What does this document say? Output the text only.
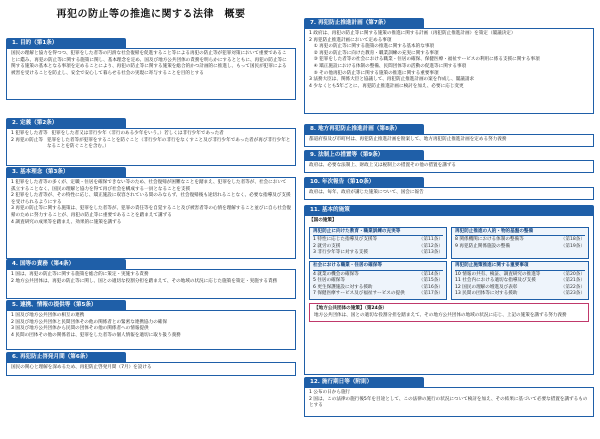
再犯の防止等の推進に関する法律　概要
1. 目的（第1条）
国民の理解と協力を得つつ、犯罪をした者等の円滑な社会復帰を促進すること等による再犯の防止等が犯罪対策において重要であることに鑑み、再犯の防止等に関する施策に関し、基本理念を定め、国及び地方公共団体の責務を明らかにするとともに、再犯の防止等に関する施策の基本となる事項を定めることにより、再犯の防止等に関する施策を総合的かつ計画的に推進し、もって国民が犯罪による被害を受けることを防止し、安全で安心して暮らせる社会の実現に寄与することを目的とする
2. 定義（第2条）
1 犯罪をした者等 犯罪をした者又は非行少年（非行のある少年をいう。）若しくは非行少年であった者
2 再犯の防止等 犯罪をした者等が犯罪をすることを防ぐこと（非行少年の非行をなくすこと及び非行少年であった者が再び非行少年となることを防ぐことを含む。）
3. 基本理念（第3条）
1 犯罪をした者等の多くが、定職・住居を確保できない等のため、社会復帰が困難なことを踏まえ、犯罪をした者等が、社会において孤立することなく、国民の理解と協力を得て再び社会を構成する一員となることを支援
2 犯罪をした者等が、その特性に応じ、矯正施設に収容されている間のみならず、社会復帰後も途切れることなく、必要な指導及び支援を受けられるようにする
3 再犯の防止等に関する施策は、犯罪をした者等が、犯罪の責任等を自覚すること及び被害者等の心情を理解すること並びに自ら社会復帰のために努力することが、再犯の防止等に重要であることを踏まえて講ずる
4 調査研究の成果等を踏まえ、効果的に施策を講ずる
4. 国等の責務（第4条）
1 国は、再犯の防止等に関する施策を総合的に策定・実施する責務
2 地方公共団体は、再犯の防止等に関し、国との適切な役割分担を踏まえて、その地域の状況に応じた施策を策定・実施する責務
5. 連携、情報の提供等（第5条）
1 国及び地方公共団体の相互の連携
2 国及び地方公共団体と民間団体その他の関係者との緊密な連携協力の確保
3 国及び地方公共団体から民間の団体その他の関係者への情報提供
4 民間の団体その他の関係者は、犯罪をした者等の個人情報を適切に取り扱う義務
6. 再犯防止啓発月間（第6条）
国民の関心と理解を深めるため、再犯防止啓発月間（7月）を設ける
7. 再犯防止推進計画（第7条）
1 政府は、再犯の防止等に関する施策の推進に関する計画（再犯防止推進計画）を策定（閣議決定）
2 再犯防止推進計画において定める事項
　① 再犯の防止等に関する施策の推進に関する基本的な事項
　② 再犯の防止等に向けた教育・職業訓練の充実に関する事項
　③ 犯罪をした者等の社会における職業・住居の確保、保健医療・福祉サービスの利用に係る支援に関する事項
　④ 矯正施設における体制の整備、民間団体等の活動の促進等に関する事項
　⑤ その他再犯の防止等に関する施策の推進に関する重要事項
3 法務大臣は、関係大臣と協議して、再犯防止推進計画の案を作成し、閣議請求
4 少なくとも5年ごとに、再犯防止推進計画に検討を加え、必要に応じ変更
8. 地方再犯防止推進計画（第8条）
都道府県及び市町村は、再犯防止推進計画を勘案して、地方再犯防止推進計画を定める努力義務
9. 法制上の措置等（第9条）
政府は、必要な法制上、財政上又は税制上の措置その他の措置を講ずる
10. 年次報告（第10条）
政府は、毎年、政府が講じた施策について、国会に報告
11. 基本的施策
【国の施策】
再犯防止に向けた教育・職業訓練の充実等
1 特性に応じた指導及び支援等	（第11条）
2 就労の支援	（第12条）
3 非行少年等に対する支援	（第13条）
再犯防止推進の人的・物的基盤の整備
8 関係機関における体制の整備等	（第18条）
9 再犯防止関係施設の整備	（第19条）
社会における職業・住居の確保等
4 就業の機会の確保等	（第14条）
5 住居の確保等	（第15条）
6 更生保護施設に対する援助	（第16条）
7 保健医療サービス及び福祉サービスの提供	（第17条）
再犯防止施策推進に関する重要事項
10 情報の共有、検証、調査研究の推進等	（第20条）
11 社会内における適切な指導及び支援	（第21条）
12 国民の理解の増進及び表彰	（第22条）
13 民間の団体等に対する援助	（第23条）
【地方公共団体の施策】（第24条）
地方公共団体は、国との適切な役割分担を踏まえて、その地方公共団体の地域の状況に応じ、上記の施策を講ずる努力義務
12. 施行期日等（附則）
1 公布の日から施行
2 国は、この法律の施行後5年を目途として、この法律の施行の状況について検討を加え、その結果に基づいて必要な措置を講ずるものとする
